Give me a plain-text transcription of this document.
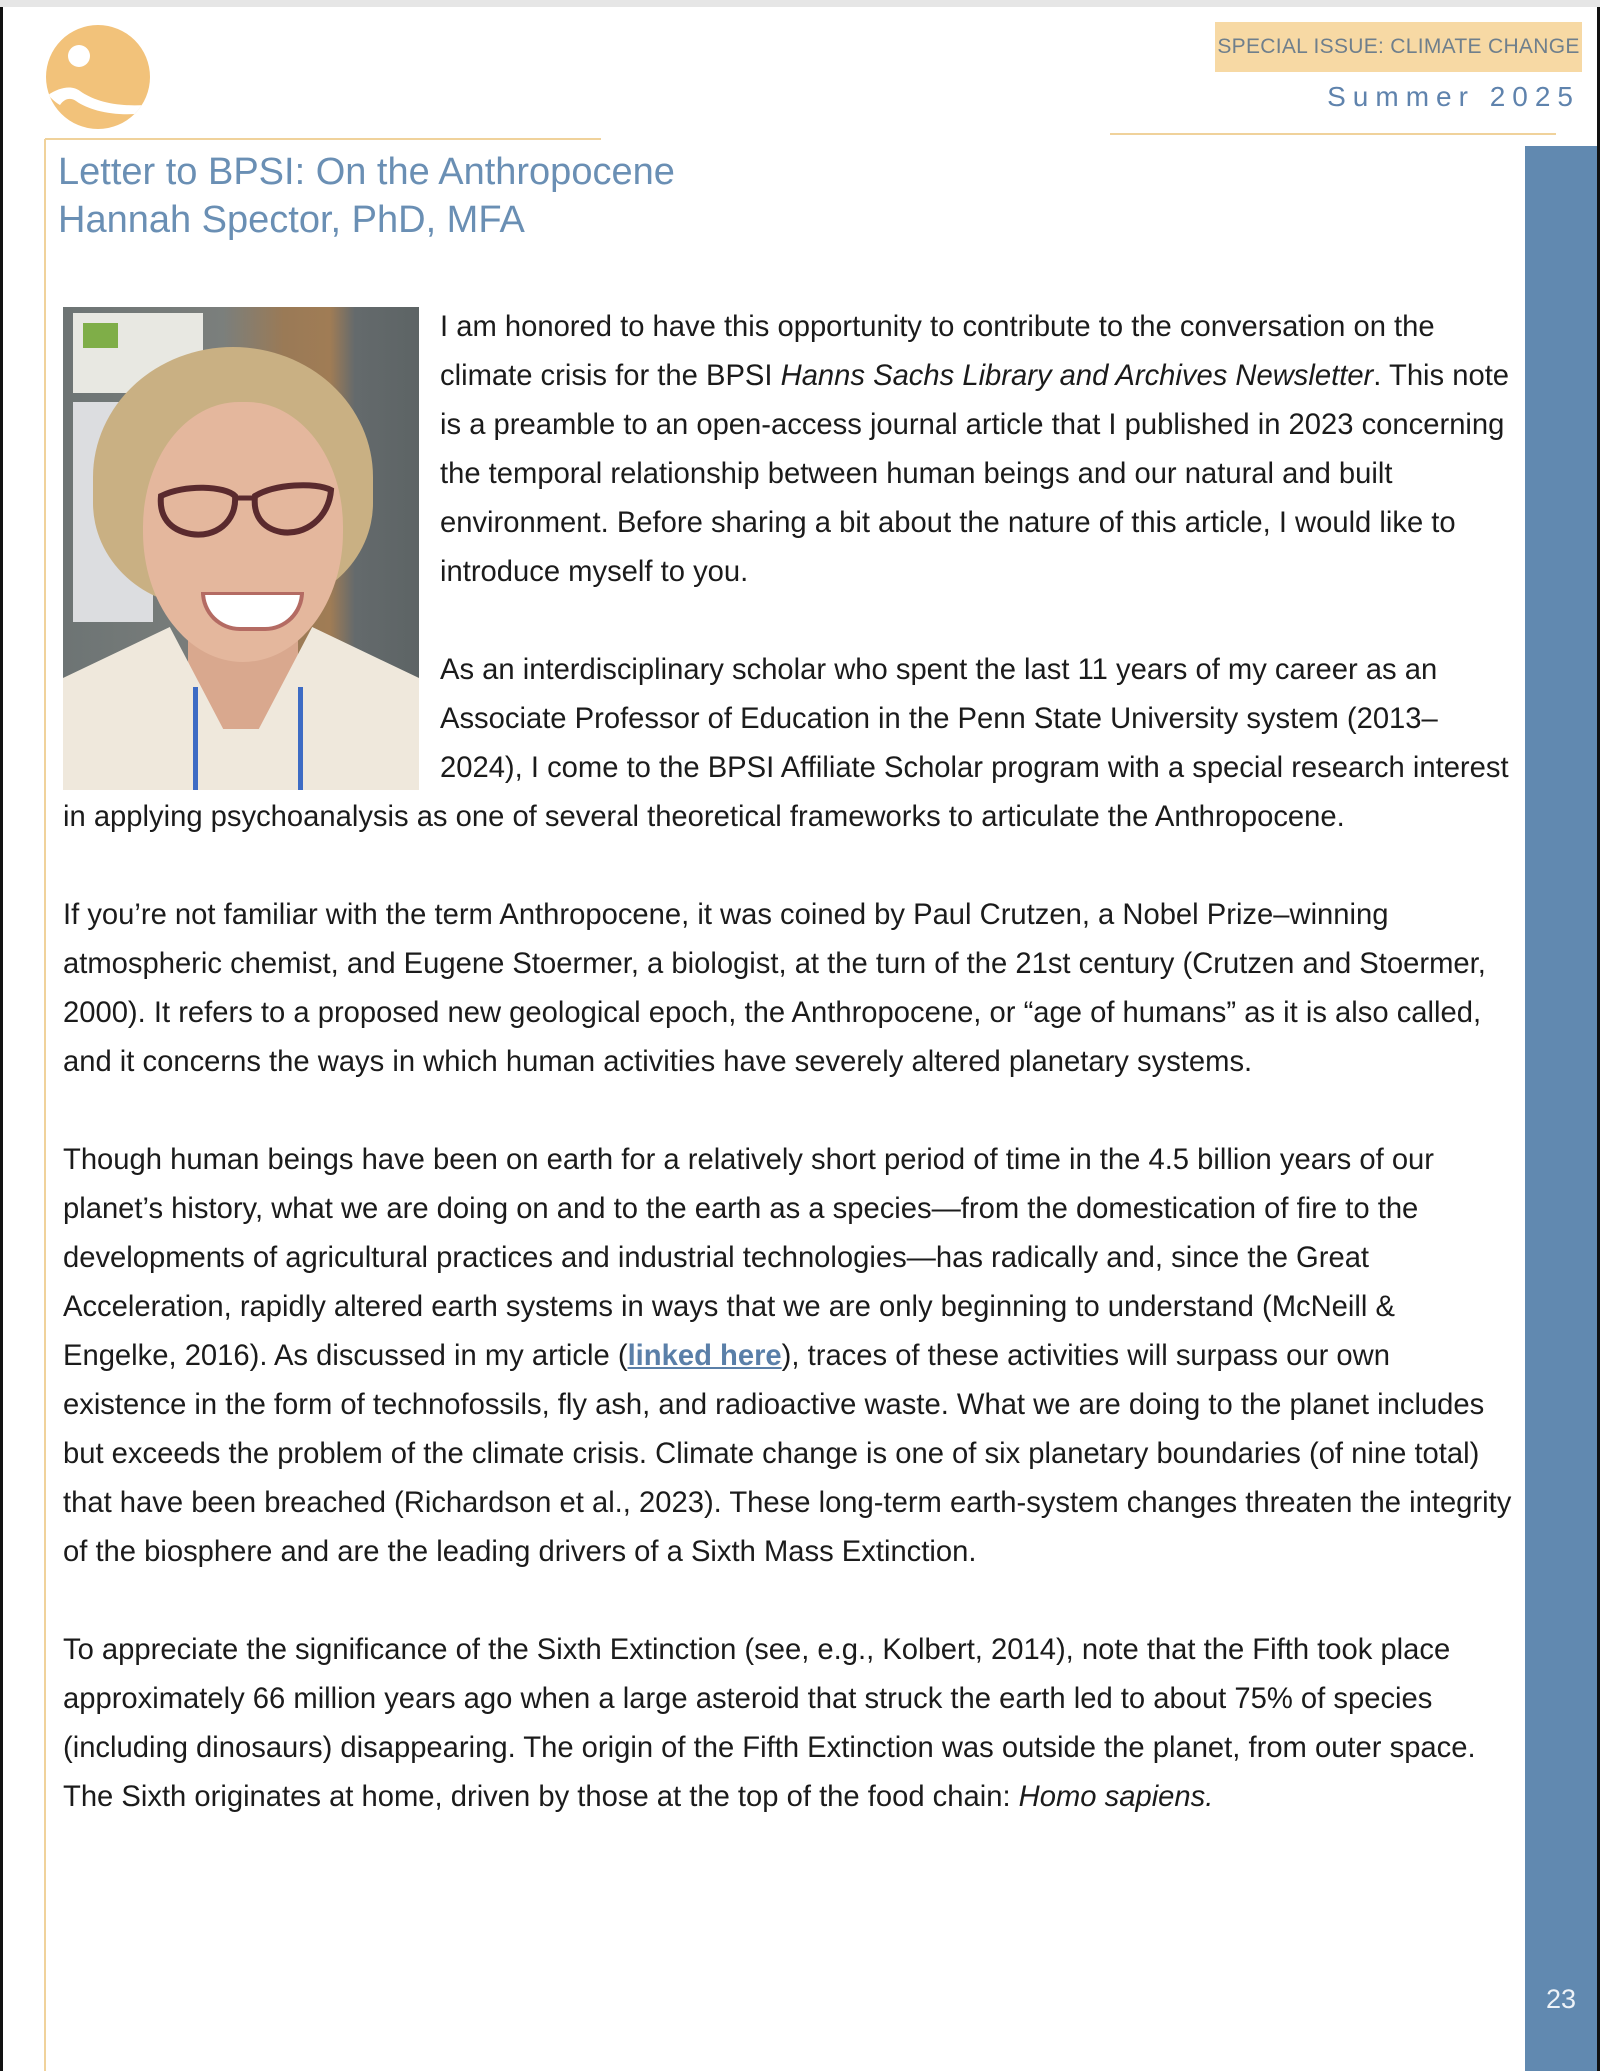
SPECIAL ISSUE: CLIMATE CHANGE
Summer 2025
23
Letter to BPSI: On the Anthropocene
Hannah Spector, PhD, MFA

I am honored to have this opportunity to contribute to the conversation on the climate crisis for the BPSI Hanns Sachs Library and Archives Newsletter. This note is a preamble to an open-access journal article that I published in 2023 concerning the temporal relationship between human beings and our natural and built environment. Before sharing a bit about the nature of this article, I would like to introduce myself to you.

As an interdisciplinary scholar who spent the last 11 years of my career as an Associate Professor of Education in the Penn State University system (2013–2024), I come to the BPSI Affiliate Scholar program with a special research interest in applying psychoanalysis as one of several theoretical frameworks to articulate the Anthropocene.

If you’re not familiar with the term Anthropocene, it was coined by Paul Crutzen, a Nobel Prize–winning atmospheric chemist, and Eugene Stoermer, a biologist, at the turn of the 21st century (Crutzen and Stoermer, 2000). It refers to a proposed new geological epoch, the Anthropocene, or “age of humans” as it is also called, and it concerns the ways in which human activities have severely altered planetary systems.

Though human beings have been on earth for a relatively short period of time in the 4.5 billion years of our planet’s history, what we are doing on and to the earth as a species—from the domestication of fire to the developments of agricultural practices and industrial technologies—has radically and, since the Great Acceleration, rapidly altered earth systems in ways that we are only beginning to understand (McNeill & Engelke, 2016). As discussed in my article (linked here), traces of these activities will surpass our own existence in the form of technofossils, fly ash, and radioactive waste. What we are doing to the planet includes but exceeds the problem of the climate crisis. Climate change is one of six planetary boundaries (of nine total) that have been breached (Richardson et al., 2023). These long-term earth-system changes threaten the integrity of the biosphere and are the leading drivers of a Sixth Mass Extinction.

To appreciate the significance of the Sixth Extinction (see, e.g., Kolbert, 2014), note that the Fifth took place approximately 66 million years ago when a large asteroid that struck the earth led to about 75% of species (including dinosaurs) disappearing. The origin of the Fifth Extinction was outside the planet, from outer space. The Sixth originates at home, driven by those at the top of the food chain: Homo sapiens.
